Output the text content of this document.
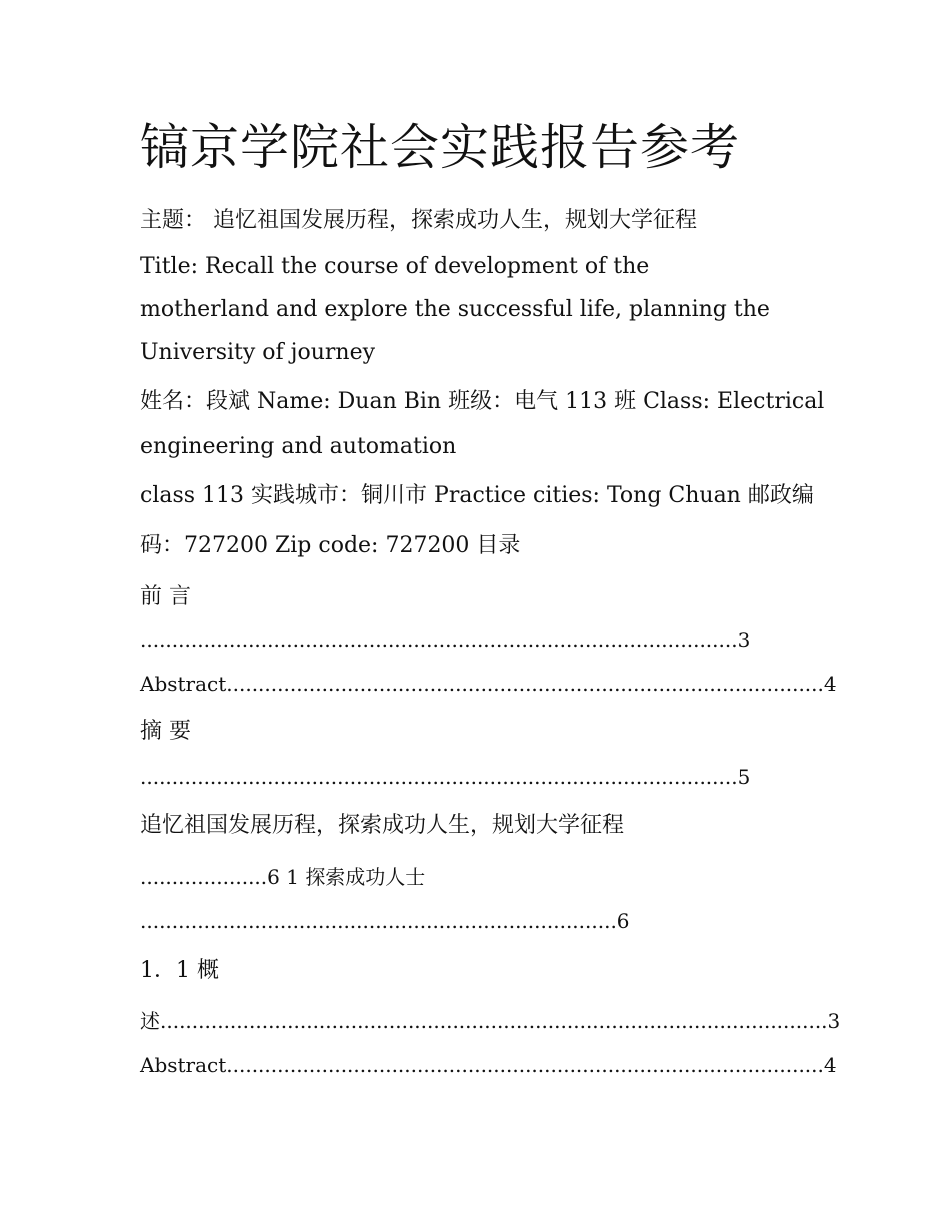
镐京学院社会实践报告参考
主题： 追忆祖国发展历程，探索成功人生，规划大学征程
Title: Recall the course of development of the
motherland and explore the successful life, planning the
University of journey
姓名：段斌 Name: Duan Bin 班级：电气 113 班 Class: Electrical
engineering and automation
class 113 实践城市：铜川市 Practice cities: Tong Chuan 邮政编
码：727200 Zip code: 727200 目录
前 言
..............................................................................................3
Abstract..............................................................................................4
摘 要
..............................................................................................5
追忆祖国发展历程，探索成功人生，规划大学征程
....................6 1 探索成功人士
...........................................................................6
1．1 概
述.........................................................................................................3
Abstract..............................................................................................4
